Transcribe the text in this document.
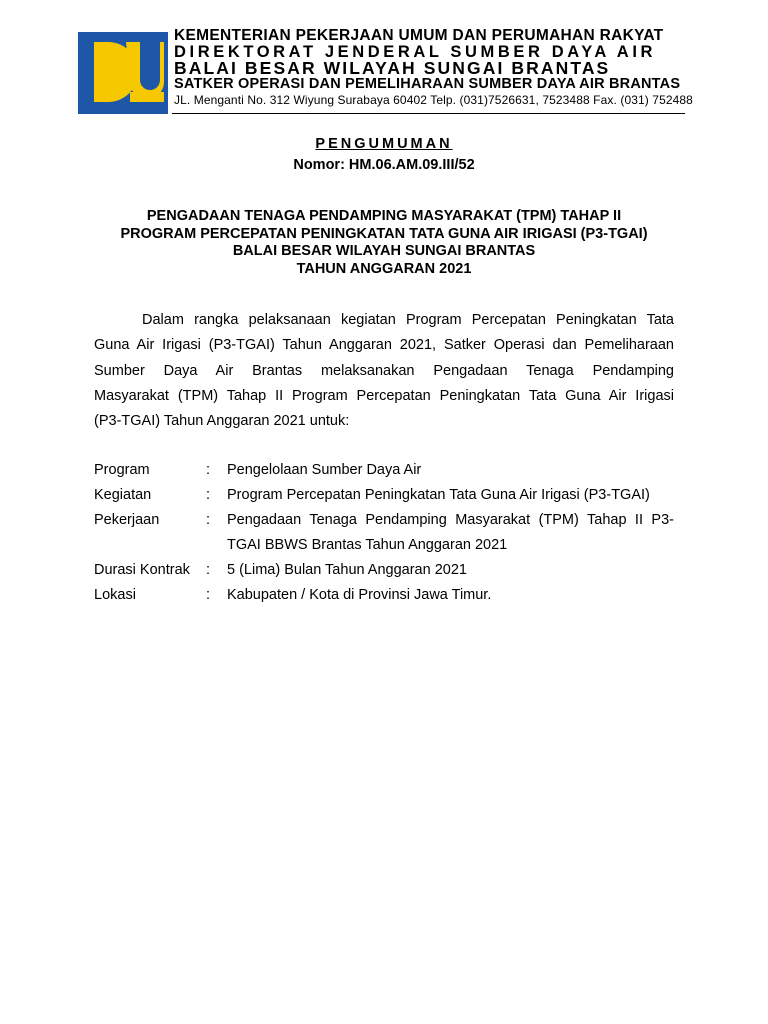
KEMENTERIAN PEKERJAAN UMUM DAN PERUMAHAN RAKYAT
DIREKTORAT JENDERAL SUMBER DAYA AIR
BALAI BESAR WILAYAH SUNGAI BRANTAS
SATKER OPERASI DAN PEMELIHARAAN SUMBER DAYA AIR BRANTAS
JL. Menganti No. 312 Wiyung Surabaya 60402 Telp. (031)7526631, 7523488 Fax. (031) 752488
PENGUMUMAN
Nomor: HM.06.AM.09.III/52
PENGADAAN TENAGA PENDAMPING MASYARAKAT (TPM) TAHAP II
PROGRAM PERCEPATAN PENINGKATAN TATA GUNA AIR IRIGASI (P3-TGAI)
BALAI BESAR WILAYAH SUNGAI BRANTAS
TAHUN ANGGARAN 2021
Dalam rangka pelaksanaan kegiatan Program Percepatan Peningkatan Tata
Guna Air Irigasi (P3-TGAI) Tahun Anggaran 2021, Satker Operasi dan Pemeliharaan
Sumber Daya Air Brantas melaksanakan Pengadaan Tenaga Pendamping
Masyarakat (TPM) Tahap II Program Percepatan Peningkatan Tata Guna Air Irigasi
(P3-TGAI) Tahun Anggaran 2021 untuk:
Program	:	Pengelolaan Sumber Daya Air
Kegiatan	:	Program Percepatan Peningkatan Tata Guna Air Irigasi (P3-TGAI)
Pekerjaan	:	Pengadaan Tenaga Pendamping Masyarakat (TPM) Tahap II P3-TGAI BBWS Brantas Tahun Anggaran 2021
Durasi Kontrak	:	5 (Lima) Bulan Tahun Anggaran 2021
Lokasi	:	Kabupaten / Kota di Provinsi Jawa Timur.
